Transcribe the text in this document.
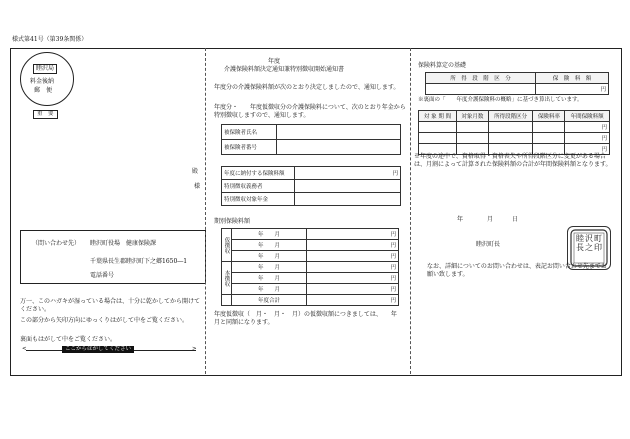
様式第41号（第39条関係）
睦沢局
料金後納
郵　便
重　要
殿
様
（問い合わせ先） 睦沢町役場　健康保険課
千葉県長生郡睦沢町下之郷1650―1
電話番号
万一、このハガキが湿っている場合は、十分に乾かしてから開けてください。
この部分から矢印方向にゆっくりはがして中をご覧ください。
裏面もはがして中をご覧ください。
<	>
ここからはがしてください
年度
介護保険料額決定通知兼特別徴収開始通知書
年度分の介護保険料額が次のとおり決定しましたので、通知します。
年度分・　　年度仮徴収分の介護保険料について、次のとおり年金から特別徴収しますので、通知します。
被保険者氏名	
被保険者番号	
年度に納付する保険料額	円
特別徴収義務者	
特別徴収対象年金	
期別保険料額
仮徴収	年　　 月	円
	年　　 月	円
	年　　 月	円
本徴収	年　　 月	円
	年　　 月	円
	年　　 月	円
	年度合計	円
年度仮徴収（　月・　月・　月）の仮徴収額につきましては、　　年　月と同額になります。
保険料算定の基礎
所　得　段　階　区　分	保　険　料　額
	円
※裏面の「　　年度介護保険料の概略」に基づき算出しています。
対 象 期 間	対象月数	所得段階区分	保険料率	年間保険料額
				円
				円
				円
※年度の途中で、資格取得・資格喪失や所得段階区分に変更がある場合は、月割によって計算された保険料額の合計が年間保険料額となります。
年	月	日
睦沢町長
睦沢町長之印
なお、詳細についてのお問い合わせは、表記お問い合わせ先までお願い致します。
